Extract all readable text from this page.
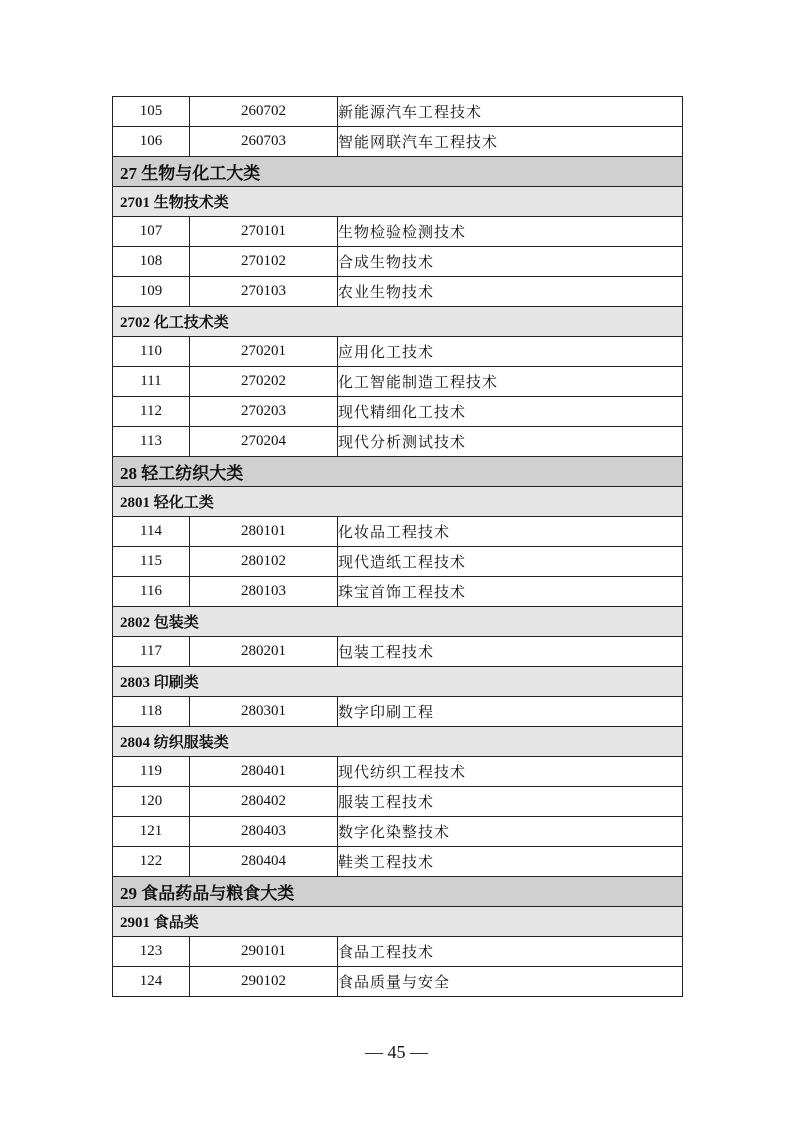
105	260702	新能源汽车工程技术
106	260703	智能网联汽车工程技术
27 生物与化工大类		
2701 生物技术类		
107	270101	生物检验检测技术
108	270102	合成生物技术
109	270103	农业生物技术
2702 化工技术类		
110	270201	应用化工技术
111	270202	化工智能制造工程技术
112	270203	现代精细化工技术
113	270204	现代分析测试技术
28 轻工纺织大类		
2801 轻化工类		
114	280101	化妆品工程技术
115	280102	现代造纸工程技术
116	280103	珠宝首饰工程技术
2802 包装类		
117	280201	包装工程技术
2803 印刷类		
118	280301	数字印刷工程
2804 纺织服装类		
119	280401	现代纺织工程技术
120	280402	服装工程技术
121	280403	数字化染整技术
122	280404	鞋类工程技术
29 食品药品与粮食大类		
2901 食品类		
123	290101	食品工程技术
124	290102	食品质量与安全
— 45 —
